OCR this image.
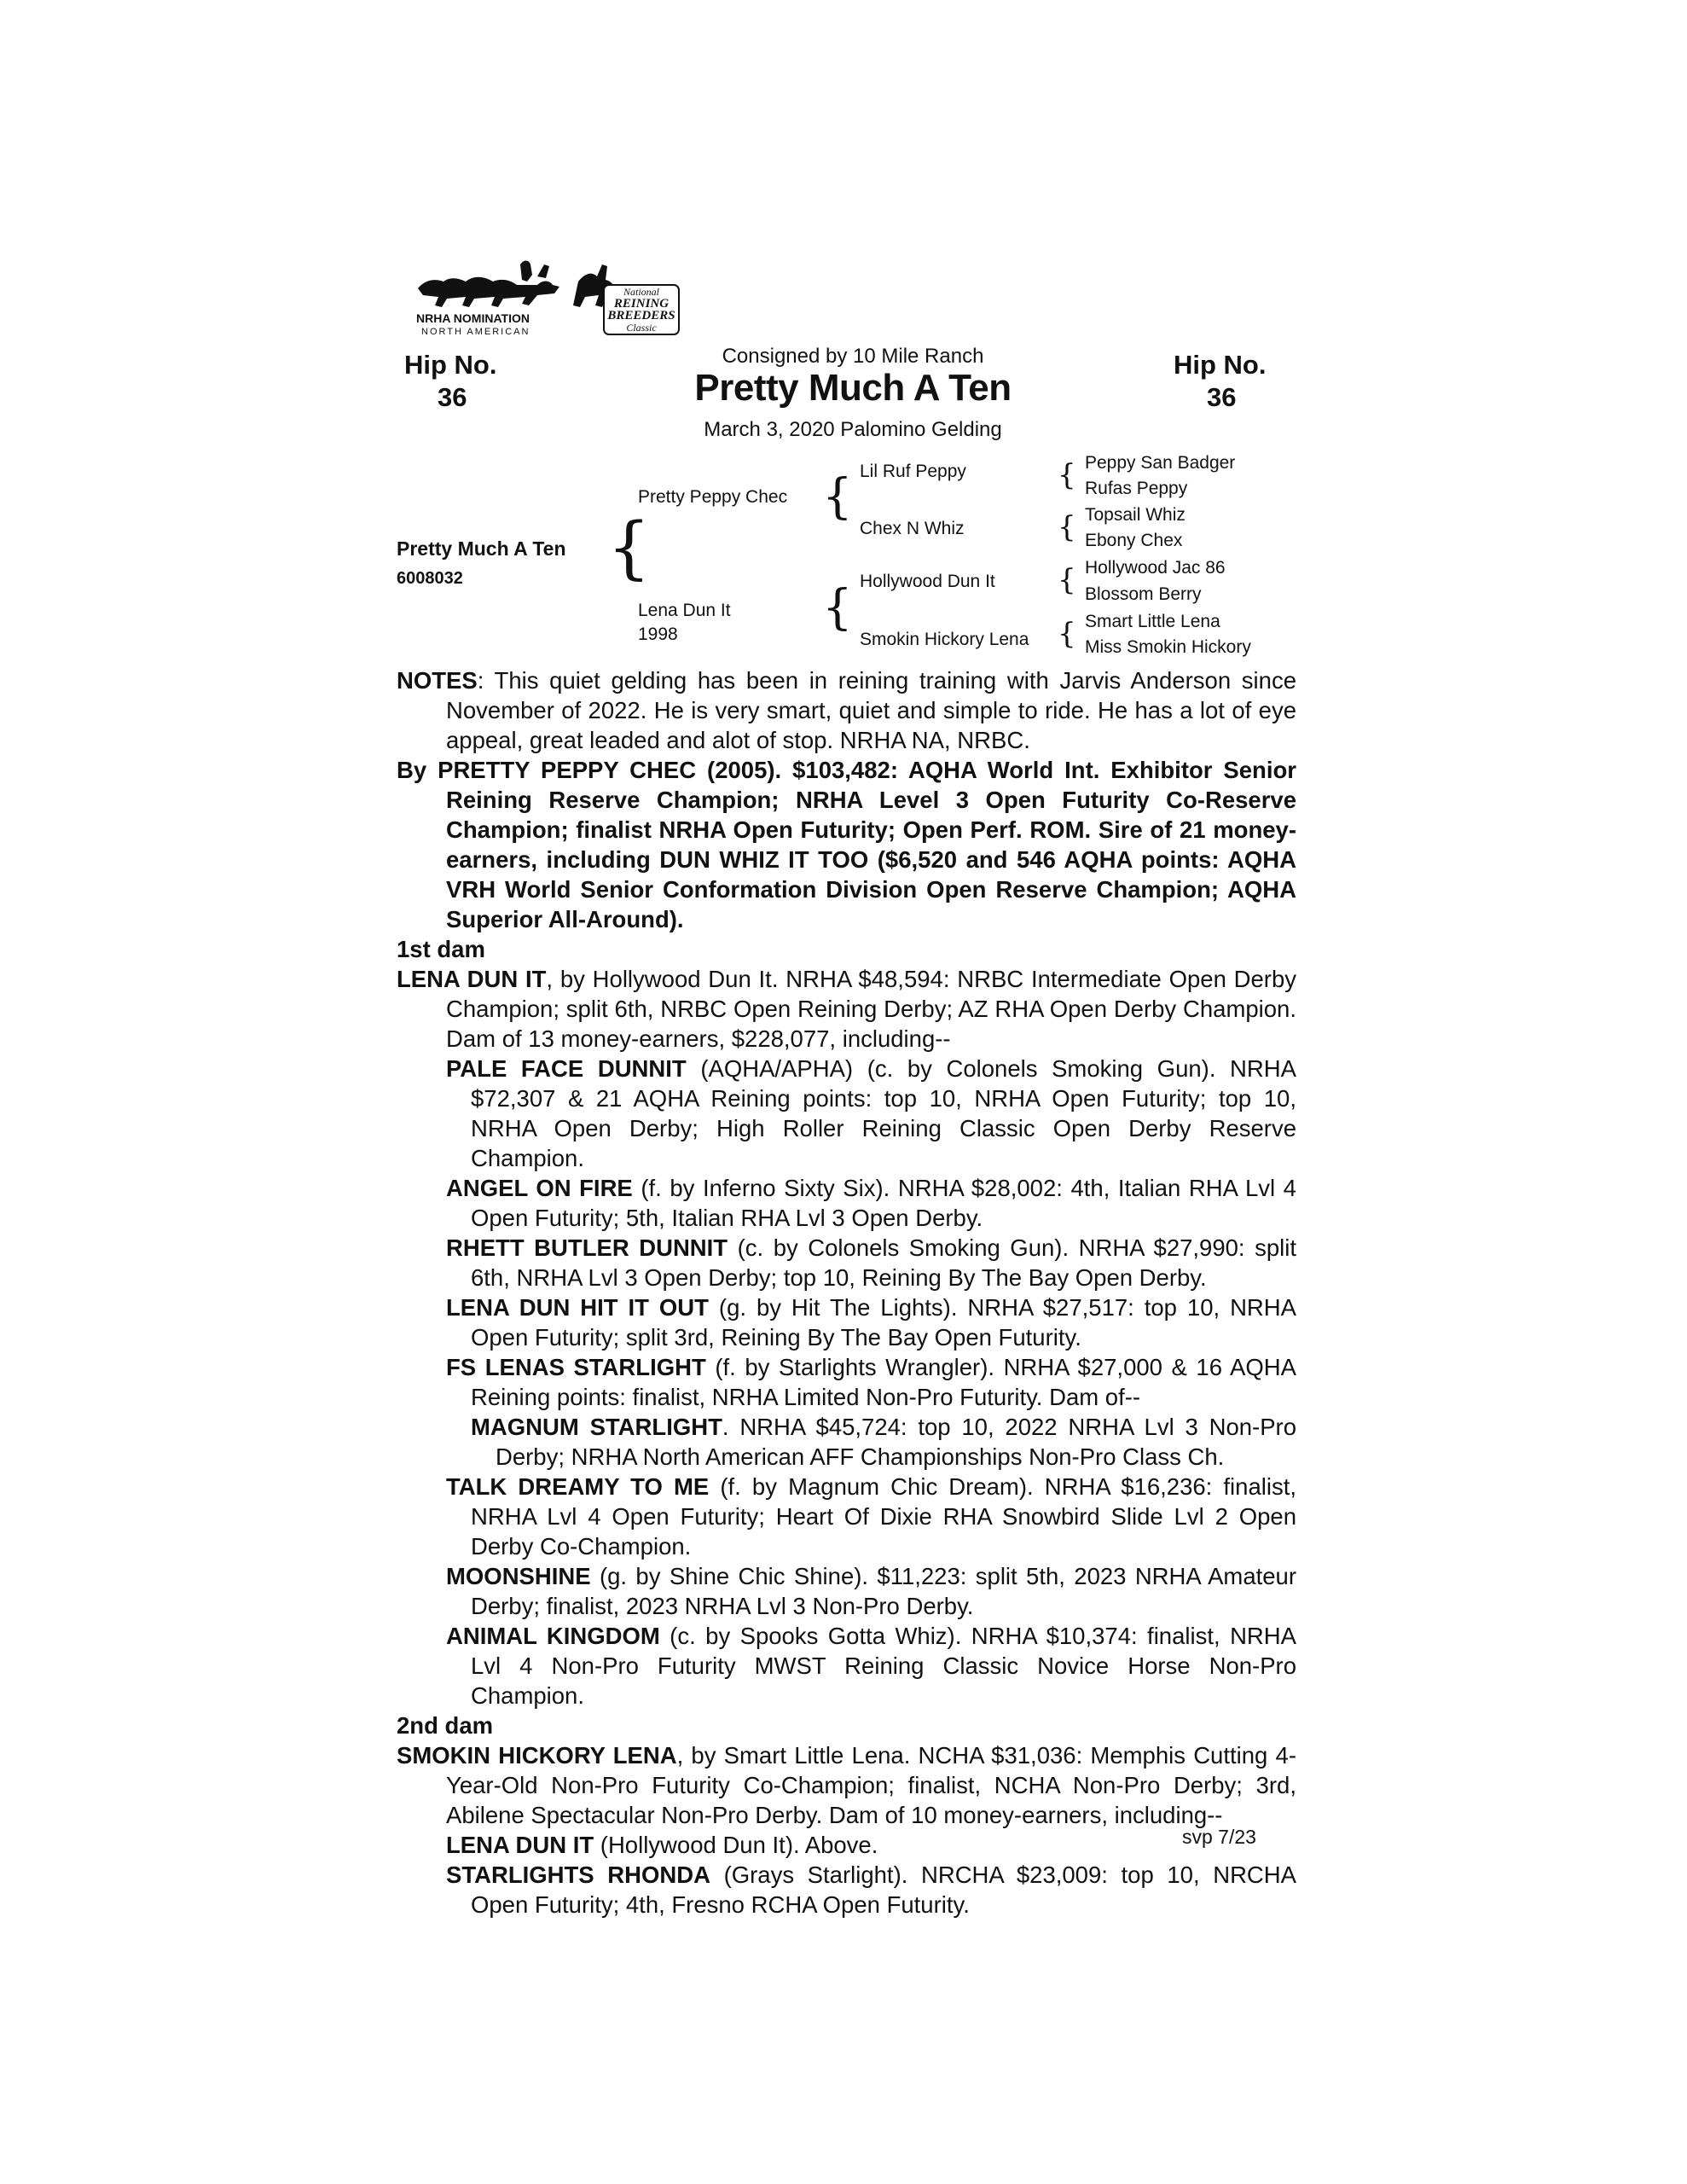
NRHA NOMINATION
NORTH AMERICAN
National
REINING
BREEDERS
Classic
Hip No.
36
Hip No.
36
Consigned by 10 Mile Ranch
Pretty Much A Ten
March 3, 2020 Palomino Gelding
Pretty Much A Ten
6008032 {
Pretty Peppy Chec
Lena Dun It
1998
{
{
Lil Ruf Peppy
Chex N Whiz
Hollywood Dun It
Smokin Hickory Lena
{
{
{
{
Peppy San Badger
Rufas Peppy
Topsail Whiz
Ebony Chex
Hollywood Jac 86
Blossom Berry
Smart Little Lena
Miss Smokin Hickory

NOTES: This quiet gelding has been in reining training with Jarvis Anderson since November of 2022. He is very smart, quiet and simple to ride. He has a lot of eye appeal, great leaded and alot of stop. NRHA NA, NRBC.

By PRETTY PEPPY CHEC (2005). $103,482: AQHA World Int. Exhibitor Senior Reining Reserve Champion; NRHA Level 3 Open Futurity Co-Reserve Champion; finalist NRHA Open Futurity; Open Perf. ROM. Sire of 21 money-earners, including DUN WHIZ IT TOO ($6,520 and 546 AQHA points: AQHA VRH World Senior Conformation Division Open Reserve Champion; AQHA Superior All-Around).

1st dam

LENA DUN IT, by Hollywood Dun It. NRHA $48,594: NRBC Intermediate Open Derby Champion; split 6th, NRBC Open Reining Derby; AZ RHA Open Derby Champion. Dam of 13 money-earners, $228,077, including--

PALE FACE DUNNIT (AQHA/APHA) (c. by Colonels Smoking Gun). NRHA $72,307 & 21 AQHA Reining points: top 10, NRHA Open Futurity; top 10, NRHA Open Derby; High Roller Reining Classic Open Derby Reserve Champion.

ANGEL ON FIRE (f. by Inferno Sixty Six). NRHA $28,002: 4th, Italian RHA Lvl 4 Open Futurity; 5th, Italian RHA Lvl 3 Open Derby.

RHETT BUTLER DUNNIT (c. by Colonels Smoking Gun). NRHA $27,990: split 6th, NRHA Lvl 3 Open Derby; top 10, Reining By The Bay Open Derby.

LENA DUN HIT IT OUT (g. by Hit The Lights). NRHA $27,517: top 10, NRHA Open Futurity; split 3rd, Reining By The Bay Open Futurity.

FS LENAS STARLIGHT (f. by Starlights Wrangler). NRHA $27,000 & 16 AQHA Reining points: finalist, NRHA Limited Non-Pro Futurity. Dam of--

MAGNUM STARLIGHT. NRHA $45,724: top 10, 2022 NRHA Lvl 3 Non-Pro Derby; NRHA North American AFF Championships Non-Pro Class Ch.

TALK DREAMY TO ME (f. by Magnum Chic Dream). NRHA $16,236: finalist, NRHA Lvl 4 Open Futurity; Heart Of Dixie RHA Snowbird Slide Lvl 2 Open Derby Co-Champion.

MOONSHINE (g. by Shine Chic Shine). $11,223: split 5th, 2023 NRHA Amateur Derby; finalist, 2023 NRHA Lvl 3 Non-Pro Derby.

ANIMAL KINGDOM (c. by Spooks Gotta Whiz). NRHA $10,374: finalist, NRHA Lvl 4 Non-Pro Futurity MWST Reining Classic Novice Horse Non-Pro Champion.

2nd dam

SMOKIN HICKORY LENA, by Smart Little Lena. NCHA $31,036: Memphis Cutting 4-Year-Old Non-Pro Futurity Co-Champion; finalist, NCHA Non-Pro Derby; 3rd, Abilene Spectacular Non-Pro Derby. Dam of 10 money-earners, including--

LENA DUN IT (Hollywood Dun It). Above.

STARLIGHTS RHONDA (Grays Starlight). NRCHA $23,009: top 10, NRCHA Open Futurity; 4th, Fresno RCHA Open Futurity.

svp 7/23
